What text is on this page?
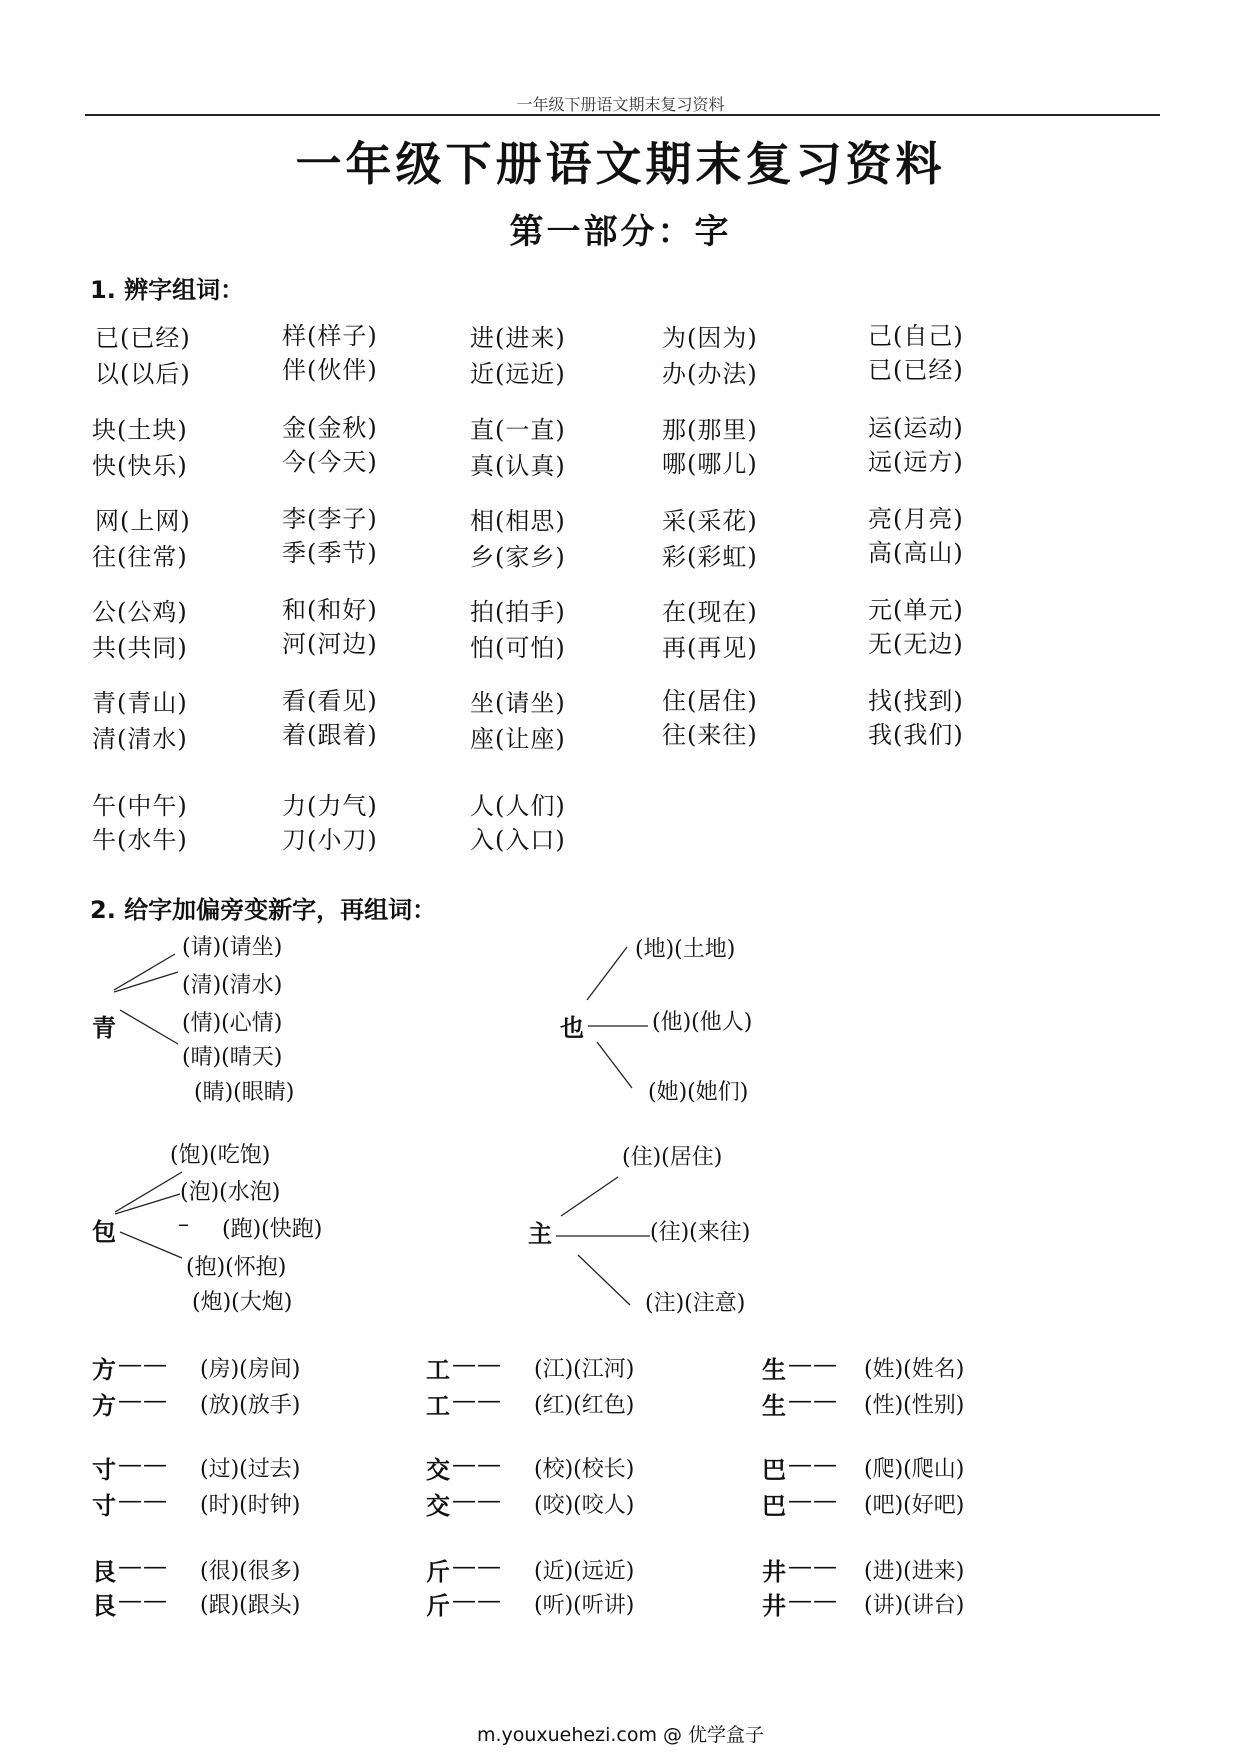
一年级下册语文期末复习资料
一年级下册语文期末复习资料
第一部分：字
1. 辨字组词：
已(已经)
以(以后)
样(样子)
伴(伙伴)
进(进来)
近(远近)
为(因为)
办(办法)
己(自己)
已(已经)
块(土块)
快(快乐)
金(金秋)
今(今天)
直(一直)
真(认真)
那(那里)
哪(哪儿)
运(运动)
远(远方)
网(上网)
往(往常)
李(李子)
季(季节)
相(相思)
乡(家乡)
采(采花)
彩(彩虹)
亮(月亮)
高(高山)
公(公鸡)
共(共同)
和(和好)
河(河边)
拍(拍手)
怕(可怕)
在(现在)
再(再见)
元(单元)
无(无边)
青(青山)
清(清水)
看(看见)
着(跟着)
坐(请坐)
座(让座)
住(居住)
往(来往)
找(找到)
我(我们)
午(中午)
牛(水牛)
力(力气)
刀(小刀)
人(人们)
入(入口)
2. 给字加偏旁变新字，再组词：
青
(请)(请坐)
(清)(清水)
(情)(心情)
(晴)(晴天)
(睛)(眼睛)
也
(地)(土地)
(他)(他人)
(她)(她们)
包
(饱)(吃饱)
(泡)(水泡)
– (跑)(快跑)
(抱)(怀抱)
(炮)(大炮)
主
(住)(居住)
(往)(来往)
(注)(注意)
方 —— (房)(房间)
方 —— (放)(放手)
工 —— (江)(江河)
工 —— (红)(红色)
生 —— (姓)(姓名)
生 —— (性)(性别)
寸 —— (过)(过去)
寸 —— (时)(时钟)
交 —— (校)(校长)
交 —— (咬)(咬人)
巴 —— (爬)(爬山)
巴 —— (吧)(好吧)
艮 —— (很)(很多)
艮 —— (跟)(跟头)
斤 —— (近)(远近)
斤 —— (听)(听讲)
井 —— (进)(进来)
井 —— (讲)(讲台)
m.youxuehezi.com @ 优学盒子
